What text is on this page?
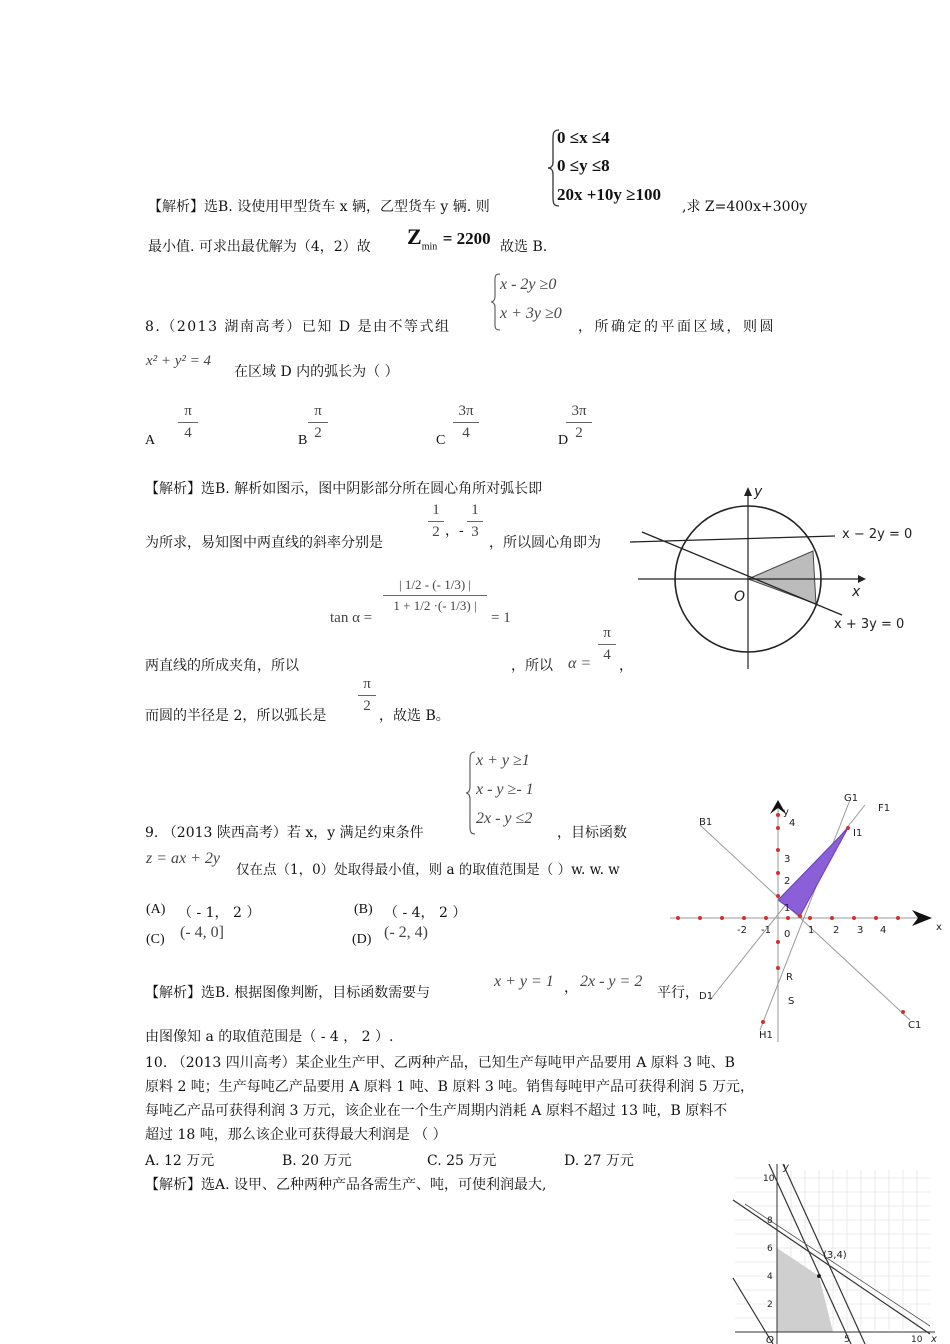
0 ≤x ≤4
0 ≤y ≤8
20x +10y ≥100
【解析】选B. 设使用甲型货车 x 辆，乙型货车 y 辆. 则	,求 Z=400x+300y
最小值. 可求出最优解为（4，2）故 $Z_{min} = 2200$ 故选 B.
x - 2y ≥0
x + 3y ≥0
8.（2013 湖南高考）已知 D 是由不等式组	，所确定的平面区域，则圆
x² + y² = 4
在区域 D 内的弧长为（ ）
A
π
4	B
π
2	C
3π
4	D
3π
2
【解析】选B. 解析如图示，图中阴影部分所在圆心角所对弧长即
为所求，易知图中两直线的斜率分别是
1
2 ，-
1
3
，所以圆心角即为
tan α =
| 1/2 - (- 1/3) |
1 + 1/2 ·(- 1/3) |
= 1
两直线的所成夹角，所以	，所以 α =
π
4
，
而圆的半径是 2，所以弧长是
π
2
，故选 B。
y
x
O
x − 2y = 0
x + 3y = 0
x + y ≥1
x - y ≥- 1
2x - y ≤2
9. （2013 陕西高考）若 x，y 满足约束条件	，目标函数
z = ax + 2y
仅在点（1，0）处取得最小值，则 a 的取值范围是（ ）w. w. w
(A) （ - 1， 2 ）	(B) （ - 4， 2 ）
(C) (- 4, 0]	(D) (- 2, 4)
【解析】选B. 根据图像判断，目标函数需要与
x + y = 1 ， 2x - y = 2
平行，
由图像知 a 的取值范围是（ - 4 ， 2 ）.
-2 -1 0 1 2 3 4
1
2
3
4
x
y
B1
G1
F1
I1
D1
C1
H1
R
S
10. （2013 四川高考）某企业生产甲、乙两种产品，已知生产每吨甲产品要用 A 原料 3 吨、B
原料 2 吨；生产每吨乙产品要用 A 原料 1 吨、B 原料 3 吨。销售每吨甲产品可获得利润 5 万元，
每吨乙产品可获得利润 3 万元，该企业在一个生产周期内消耗 A 原料不超过 13 吨，B 原料不
超过 18 吨，那么该企业可获得最大利润是 （ ）
A. 12 万元	B. 20 万元	C. 25 万元	D. 27 万元
【解析】选A. 设甲、乙种两种产品各需生产、吨，可使利润最大,
(3,4)
y
x
O	5	10
2
4
6
8
10
